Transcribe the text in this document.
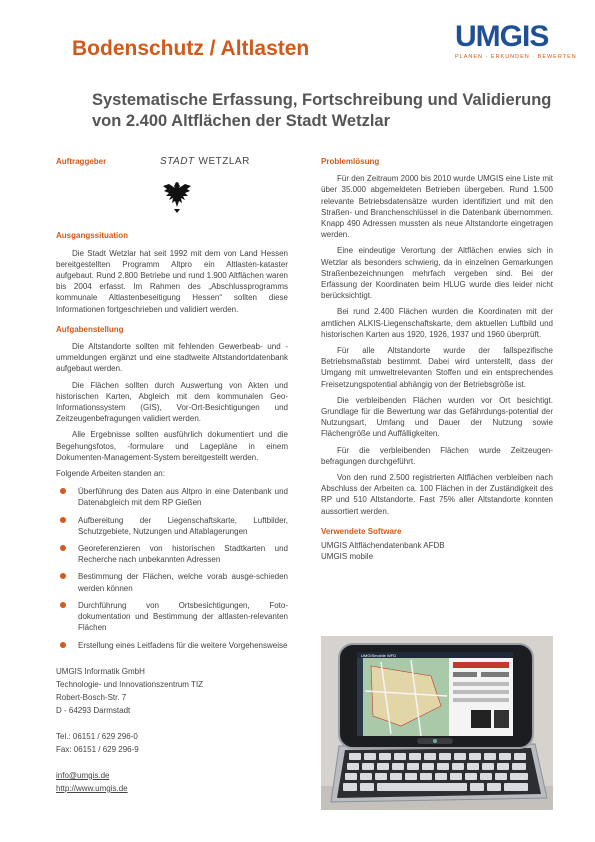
Bodenschutz / Altlasten	UMGIS
PLANEN · ERKUNDEN · BEWERTEN
Systematische Erfassung, Fortschreibung und Validierung von 2.400 Altflächen der Stadt Wetzlar
Auftraggeber	STADT WETZLAR
Ausgangssituation

Die Stadt Wetzlar hat seit 1992 mit dem von Land Hessen bereitgestellten Programm Altpro ein Altlasten-kataster aufgebaut. Rund 2.800 Betriebe und rund 1.900 Altflächen waren bis 2004 erfasst. Im Rahmen des „Abschlussprogramms kommunale Altlastenbeseitigung Hessen“ sollten diese Informationen fortgeschrieben und validiert werden.

Aufgabenstellung

Die Altstandorte sollten mit fehlenden Gewerbeab- und -ummeldungen ergänzt und eine stadtweite Altstandortdatenbank aufgebaut werden.

Die Flächen sollten durch Auswertung von Akten und historischen Karten, Abgleich mit dem kommunalen Geo-Informationssystem (GIS), Vor-Ort-Besichtigungen und Zeitzeugenbefragungen validiert werden.

Alle Ergebnisse sollten ausführlich dokumentiert und die Begehungsfotos, -formulare und Lagepläne in einem Dokumenten-Management-System bereitgestellt werden.

Folgende Arbeiten standen an:
Überführung des Daten aus Altpro in eine Datenbank und Datenabgleich mit dem RP Gießen
Aufbereitung der Liegenschaftskarte, Luftbilder, Schutzgebiete, Nutzungen und Altablagerungen
Georeferenzieren von historischen Stadtkarten und Recherche nach unbekannten Adressen
Bestimmung der Flächen, welche vorab ausge-schieden werden können
Durchführung von Ortsbesichtigungen, Foto-dokumentation und Bestimmung der altlasten-relevanten Flächen
Erstellung eines Leitfadens für die weitere Vorgehensweise
UMGIS Informatik GmbH
Technologie- und Innovationszentrum TIZ
Robert-Bosch-Str. 7
D - 64293 Darmstadt
Tel.: 06151 / 629 296-0
Fax: 06151 / 629 296-9
info@umgis.de
http://www.umgis.de
Problemlösung

Für den Zeitraum 2000 bis 2010 wurde UMGIS eine Liste mit über 35.000 abgemeldeten Betrieben übergeben. Rund 1.500 relevante Betriebsdatensätze wurden identifiziert und mit den Straßen- und Branchenschlüssel in die Datenbank übernommen. Knapp 490 Adressen mussten als neue Altstandorte eingetragen werden.

Eine eindeutige Verortung der Altflächen erwies sich in Wetzlar als besonders schwierig, da in einzelnen Gemarkungen Straßenbezeichnungen mehrfach vergeben sind. Bei der Erfassung der Koordinaten beim HLUG wurde dies leider nicht berücksichtigt.

Bei rund 2.400 Flächen wurden die Koordinaten mit der amtlichen ALKIS-Liegenschaftskarte, dem aktuellen Luftbild und historischen Karten aus 1920, 1926, 1937 und 1960 überprüft.

Für alle Altstandorte wurde der fallspezifische Betriebsmaßstab bestimmt. Dabei wird unterstellt, dass der Umgang mit umweltrelevanten Stoffen und ein entsprechendes Freisetzungspotential abhängig von der Betriebsgröße ist.

Die verbleibenden Flächen wurden vor Ort besichtigt. Grundlage für die Bewertung war das Gefährdungs-potential der Nutzungsart, Umfang und Dauer der Nutzung sowie Flächengröße und Auffälligkeiten.

Für die verbleibenden Flächen wurde Zeitzeugen-befragungen durchgeführt.

Von den rund 2.500 registrierten Altflächen verbleiben nach Abschluss der Arbeiten ca. 100 Flächen in der Zuständigkeit des RP und 510 Altstandorte. Fast 75% aller Altstandorte konnten aussortiert werden.

Verwendete Software
UMGIS Altflächendatenbank AFDB
UMGIS mobile
UMGISmobile WFD
